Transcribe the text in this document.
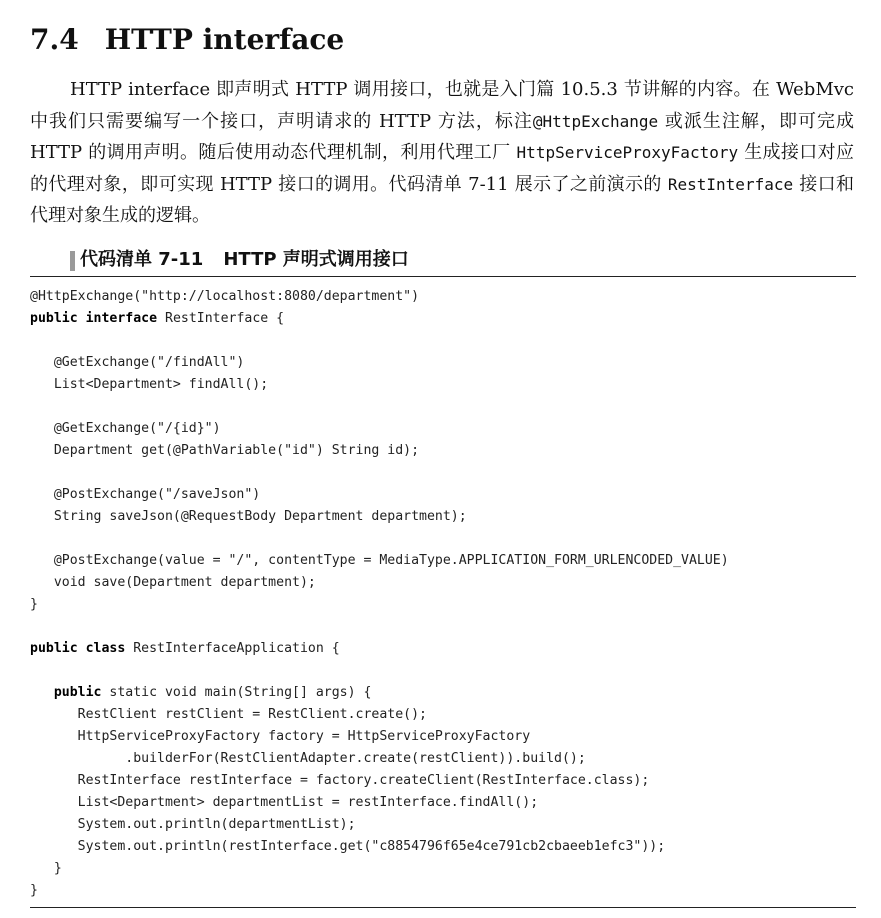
7.4 HTTP interface

HTTP interface 即声明式 HTTP 调用接口，也就是入门篇 10.5.3 节讲解的内容。在 WebMvc 中我们只需要编写一个接口，声明请求的 HTTP 方法，标注@HttpExchange 或派生注解，即可完成 HTTP 的调用声明。随后使用动态代理机制，利用代理工厂 HttpServiceProxyFactory 生成接口对应的代理对象，即可实现 HTTP 接口的调用。代码清单 7-11 展示了之前演示的 RestInterface 接口和代理对象生成的逻辑。

代码清单 7-11 HTTP 声明式调用接口
@HttpExchange("http://localhost:8080/department")
public interface RestInterface {
@GetExchange("/findAll")
List<Department> findAll();
@GetExchange("/{id}")
Department get(@PathVariable("id") String id);
@PostExchange("/saveJson")
String saveJson(@RequestBody Department department);
@PostExchange(value = "/", contentType = MediaType.APPLICATION_FORM_URLENCODED_VALUE)
void save(Department department);
}
public class RestInterfaceApplication {
public static void main(String[] args) {
RestClient restClient = RestClient.create();
HttpServiceProxyFactory factory = HttpServiceProxyFactory
.builderFor(RestClientAdapter.create(restClient)).build();
RestInterface restInterface = factory.createClient(RestInterface.class);
List<Department> departmentList = restInterface.findAll();
System.out.println(departmentList);
System.out.println(restInterface.get("c8854796f65e4ce791cb2cbaeeb1efc3"));
}
}
